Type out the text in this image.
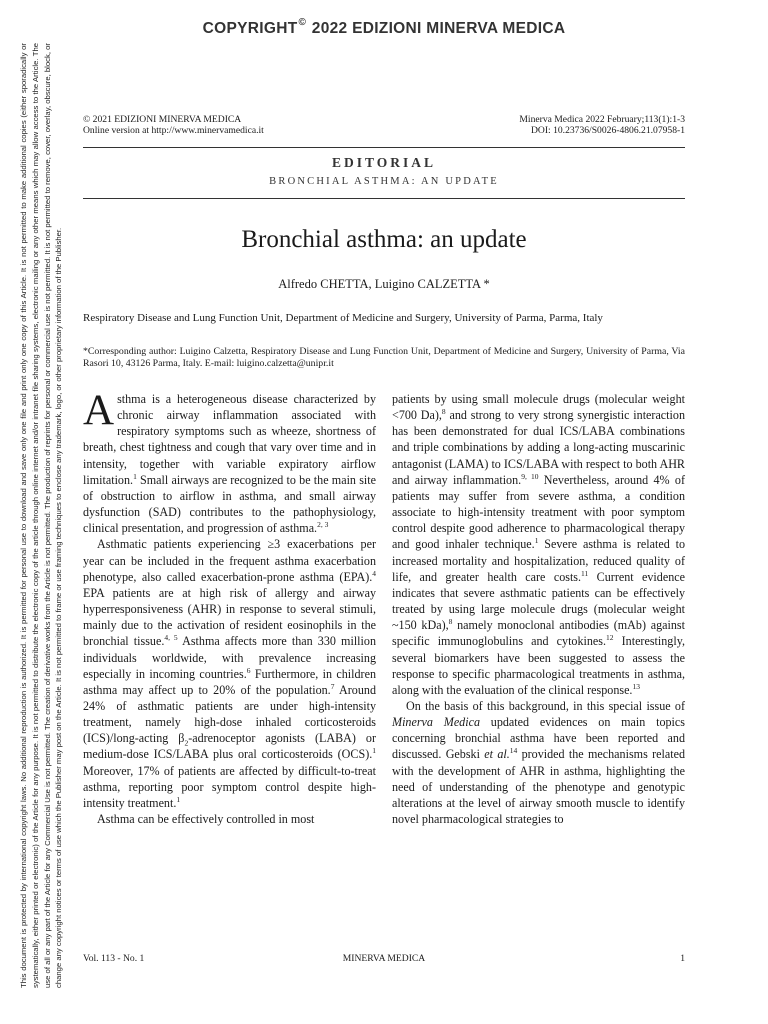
COPYRIGHT© 2022 EDIZIONI MINERVA MEDICA
This document is protected by international copyright laws. No additional reproduction is authorized. It is permitted for personal use to download and save only one file and print only one copy of this Article. It is not permitted to make additional copies (either sporadically or systematically, either printed or electronic) of the Article for any purpose. It is not permitted to distribute the electronic copy of the article through online internet and/or intranet file sharing systems, electronic mailing or any other means which may allow access to the Article. The use of all or any part of the Article for any Commercial Use is not permitted. The creation of derivative works from the Article is not permitted. The production of reprints for personal or commercial use is not permitted. It is not permitted to remove, cover, overlay, obscure, block, or change any copyright notices or terms of use which the Publisher may post on the Article. It is not permitted to frame or use framing techniques to enclose any trademark, logo, or other proprietary information of the Publisher.
© 2021 EDIZIONI MINERVA MEDICA
Online version at http://www.minervamedica.it
Minerva Medica 2022 February;113(1):1-3
DOI: 10.23736/S0026-4806.21.07958-1
EDITORIAL
BRONCHIAL ASTHMA: AN UPDATE
Bronchial asthma: an update
Alfredo CHETTA, Luigino CALZETTA *
Respiratory Disease and Lung Function Unit, Department of Medicine and Surgery, University of Parma, Parma, Italy
*Corresponding author: Luigino Calzetta, Respiratory Disease and Lung Function Unit, Department of Medicine and Surgery, University of Parma, Via Rasori 10, 43126 Parma, Italy. E-mail: luigino.calzetta@unipr.it

Asthma is a heterogeneous disease characterized by chronic airway inflammation associated with respiratory symptoms such as wheeze, shortness of breath, chest tightness and cough that vary over time and in intensity, together with variable expiratory airflow limitation.$^1$ Small airways are recognized to be the main site of obstruction to airflow in asthma, and small airway dysfunction (SAD) contributes to the pathophysiology, clinical presentation, and progression of asthma.$^{2, 3}$

Asthmatic patients experiencing ≥3 exacerbations per year can be included in the frequent asthma exacerbation phenotype, also called exacerbation-prone asthma (EPA).$^4$ EPA patients are at high risk of allergy and airway hyperresponsiveness (AHR) in response to several stimuli, mainly due to the activation of resident eosinophils in the bronchial tissue.$^{4, 5}$ Asthma affects more than 330 million individuals worldwide, with prevalence increasing especially in incoming countries.$^6$ Furthermore, in children asthma may affect up to 20% of the population.$^7$ Around 24% of asthmatic patients are under high-intensity treatment, namely high-dose inhaled corticosteroids (ICS)/long-acting $\beta_2$-adrenoceptor agonists (LABA) or medium-dose ICS/LABA plus oral corticosteroids (OCS).$^1$ Moreover, 17% of patients are affected by difficult-to-treat asthma, reporting poor symptom control despite high-intensity treatment.$^1$

Asthma can be effectively controlled in most

patients by using small molecule drugs (molecular weight <700 Da),$^8$ and strong to very strong synergistic interaction has been demonstrated for dual ICS/LABA combinations and triple combinations by adding a long-acting muscarinic antagonist (LAMA) to ICS/LABA with respect to both AHR and airway inflammation.$^{9, 10}$ Nevertheless, around 4% of patients may suffer from severe asthma, a condition associate to high-intensity treatment with poor symptom control despite good adherence to pharmacological therapy and good inhaler technique.$^1$ Severe asthma is related to increased mortality and hospitalization, reduced quality of life, and greater health care costs.$^{11}$ Current evidence indicates that severe asthmatic patients can be effectively treated by using large molecule drugs (molecular weight ~150 kDa),$^8$ namely monoclonal antibodies (mAb) against specific immunoglobulins and cytokines.$^{12}$ Interestingly, several biomarkers have been suggested to assess the response to specific pharmacological treatments in asthma, along with the evaluation of the clinical response.$^{13}$

On the basis of this background, in this special issue of Minerva Medica updated evidences on main topics concerning bronchial asthma have been reported and discussed. Gebski et al.$^{14}$ provided the mechanisms related with the development of AHR in asthma, highlighting the need of understanding of the phenotype and genotypic alterations at the level of airway smooth muscle to identify novel pharmacological strategies to

Vol. 113 - No. 1	MINERVA MEDICA	1
